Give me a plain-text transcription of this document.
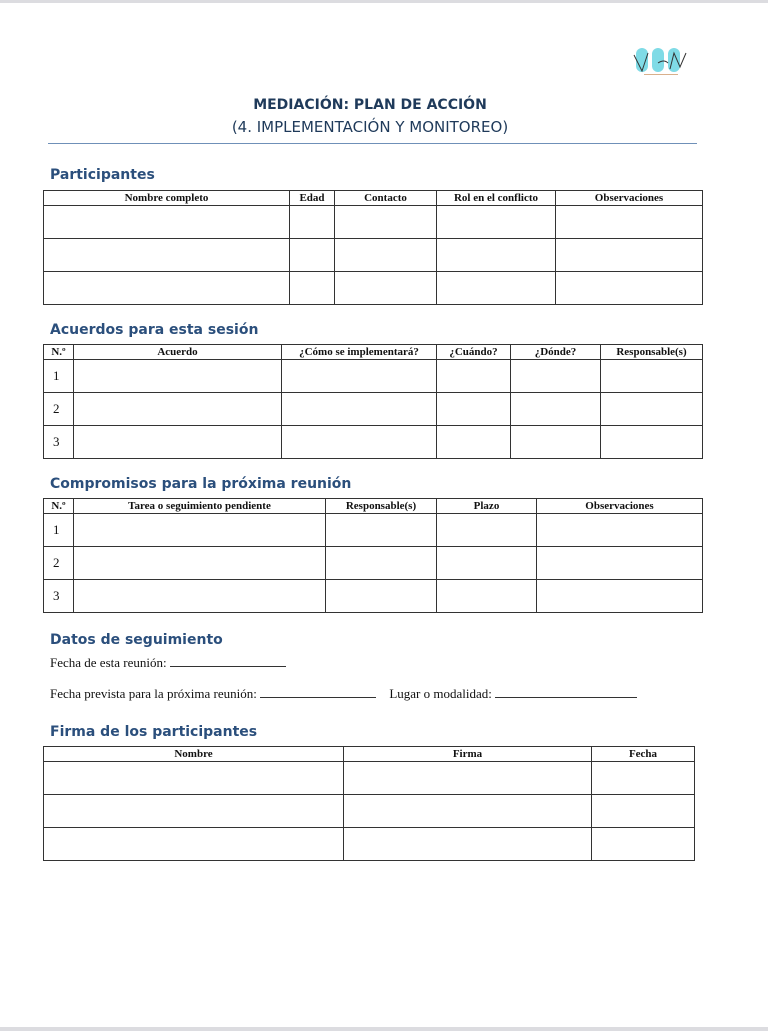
MEDIACIÓN: PLAN DE ACCIÓN
(4. IMPLEMENTACIÓN Y MONITOREO)
Participantes
Nombre completo	Edad	Contacto	Rol en el conflicto	Observaciones

Acuerdos para esta sesión
N.º	Acuerdo	¿Cómo se implementará?	¿Cuándo?	¿Dónde?	Responsable(s)
1					
2					
3					
Compromisos para la próxima reunión
N.º	Tarea o seguimiento pendiente	Responsable(s)	Plazo	Observaciones
1				
2				
3				
Datos de seguimiento
Fecha de esta reunión:
Fecha prevista para la próxima reunión:	Lugar o modalidad:
Firma de los participantes
Nombre	Firma	Fecha
